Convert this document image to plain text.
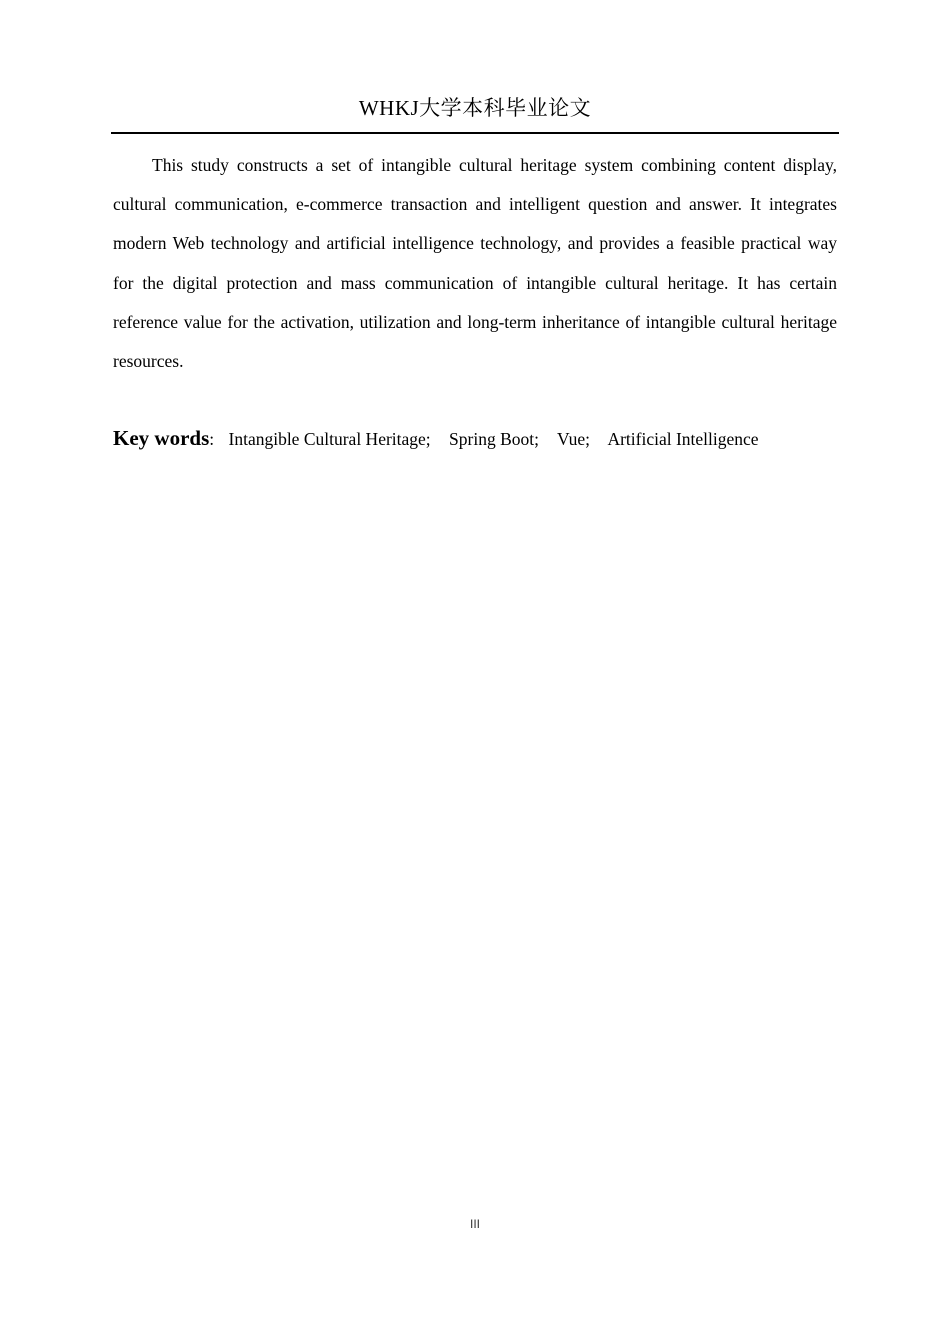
WHKJ大学本科毕业论文

This study constructs a set of intangible cultural heritage system combining content display, cultural communication, e-commerce transaction and intelligent question and answer. It integrates modern Web technology and artificial intelligence technology, and provides a feasible practical way for the digital protection and mass communication of intangible cultural heritage. It has certain reference value for the activation, utilization and long-term inheritance of intangible cultural heritage resources.

Key words: Intangible Cultural Heritage; Spring Boot; Vue; Artificial Intelligence
III
